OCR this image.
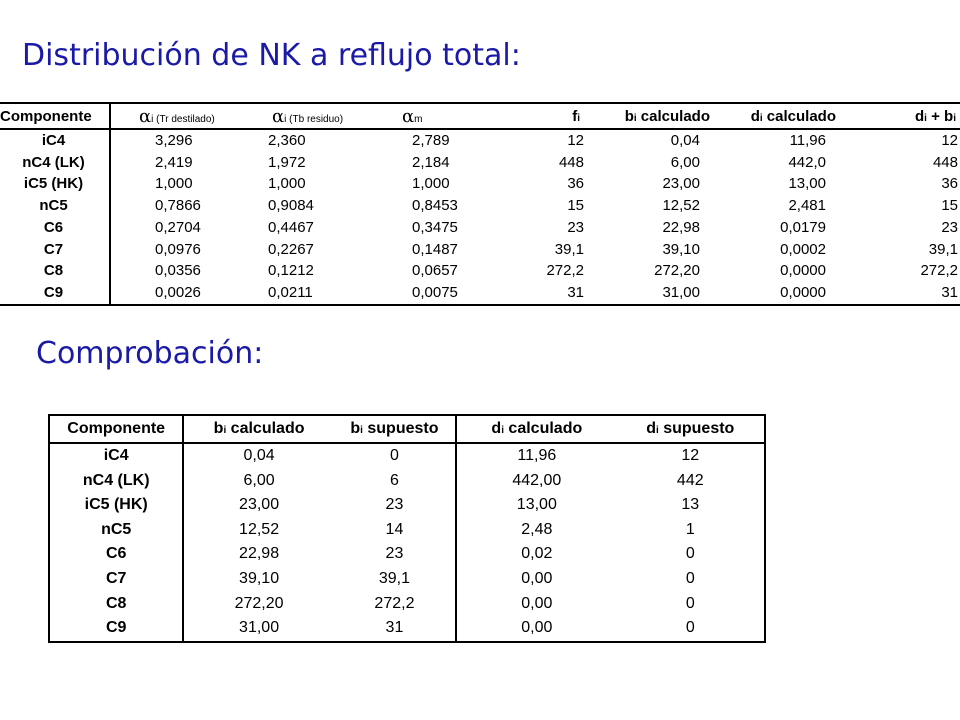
Distribución de NK a reflujo total:
Componente	αi (Tr destilado)	αi (Tb residuo)	αm	fi	bi calculado	di calculado	di + bi
iC4	3,296	2,360	2,789	12	0,04	11,96	12
nC4 (LK)	2,419	1,972	2,184	448	6,00	442,0	448
iC5 (HK)	1,000	1,000	1,000	36	23,00	13,00	36
nC5	0,7866	0,9084	0,8453	15	12,52	2,481	15
C6	0,2704	0,4467	0,3475	23	22,98	0,0179	23
C7	0,0976	0,2267	0,1487	39,1	39,10	0,0002	39,1
C8	0,0356	0,1212	0,0657	272,2	272,20	0,0000	272,2
C9	0,0026	0,0211	0,0075	31	31,00	0,0000	31
Comprobación:
Componente	bi calculado	bi supuesto	di calculado	di supuesto
iC4	0,04	0	11,96	12
nC4 (LK)	6,00	6	442,00	442
iC5 (HK)	23,00	23	13,00	13
nC5	12,52	14	2,48	1
C6	22,98	23	0,02	0
C7	39,10	39,1	0,00	0
C8	272,20	272,2	0,00	0
C9	31,00	31	0,00	0
